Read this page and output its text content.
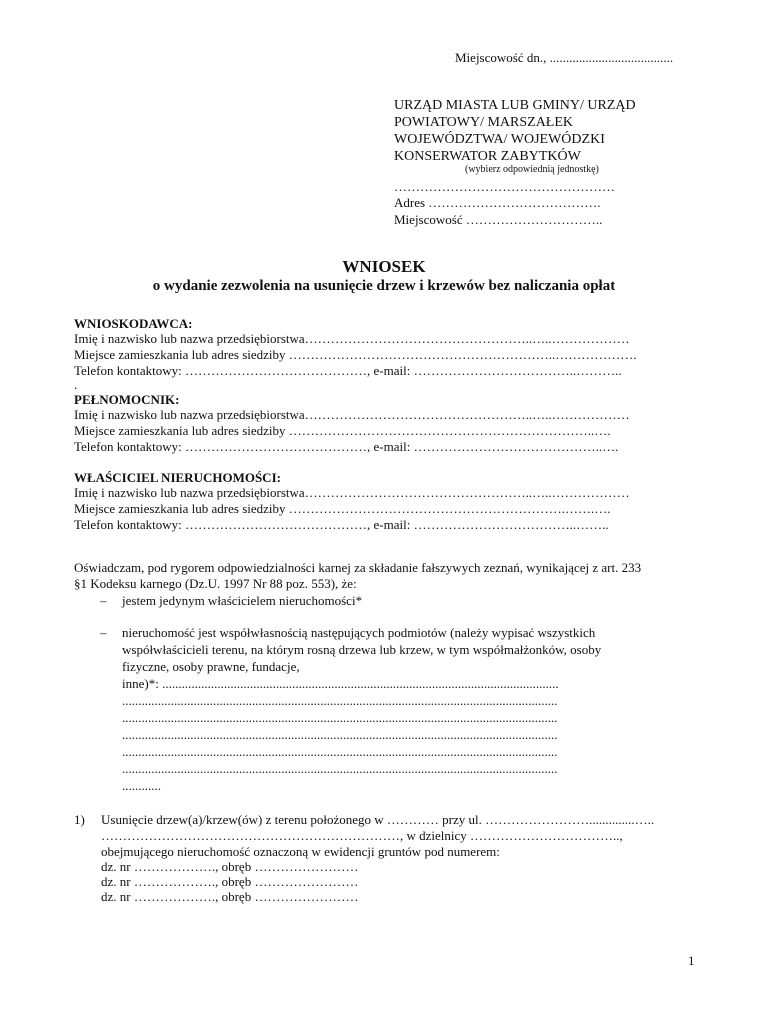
Miejscowość dn., ......................................
URZĄD MIASTA LUB GMINY/ URZĄD
POWIATOWY/ MARSZAŁEK
WOJEWÓDZTWA/ WOJEWÓDZKI
KONSERWATOR ZABYTKÓW
(wybierz odpowiednią jednostkę)
……………………………………………
Adres ………………………………….
Miejscowość …………………………..
WNIOSEK
o wydanie zezwolenia na usunięcie drzew i krzewów bez naliczania opłat
WNIOSKODAWCA:
Imię i nazwisko lub nazwa przedsiębiorstwa……………………………………………..…..………………
Miejsce zamieszkania lub adres siedziby ……………………………………………………..……………….
Telefon kontaktowy: ……………………………………, e-mail: ………………………………..………..
.
PEŁNOMOCNIK:
Imię i nazwisko lub nazwa przedsiębiorstwa……………………………………………..…..………………
Miejsce zamieszkania lub adres siedziby ……………………………………………………………..….
Telefon kontaktowy: ……………………………………, e-mail: ……………………………………..….
WŁAŚCICIEL NIERUCHOMOŚCI:
Imię i nazwisko lub nazwa przedsiębiorstwa……………………………………………..…..………………
Miejsce zamieszkania lub adres siedziby ……………………………………………………….…….….
Telefon kontaktowy: ……………………………………, e-mail: ………………………………..……..
Oświadczam, pod rygorem odpowiedzialności karnej za składanie fałszywych zeznań, wynikającej z art. 233
§1 Kodeksu karnego (Dz.U. 1997 Nr 88 poz. 553), że:
– jestem jedynym właścicielem nieruchomości*
– nieruchomość jest współwłasnością następujących podmiotów (należy wypisać wszystkich
współwłaścicieli terenu, na którym rosną drzewa lub krzew, w tym współmałżonków, osoby
fizyczne, osoby prawne, fundacje,
inne)*: ..........................................................................................................................
......................................................................................................................................
......................................................................................................................................
......................................................................................................................................
......................................................................................................................................
......................................................................................................................................
............
1) Usunięcie drzew(a)/krzew(ów) z terenu położonego w ………… przy ul. ……………………..............…..
……………………………………………………………, w dzielnicy ……………………………..,
obejmującego nieruchomość oznaczoną w ewidencji gruntów pod numerem:
dz. nr ………………., obręb ……………………
dz. nr ………………., obręb ……………………
dz. nr ………………., obręb ……………………
1
